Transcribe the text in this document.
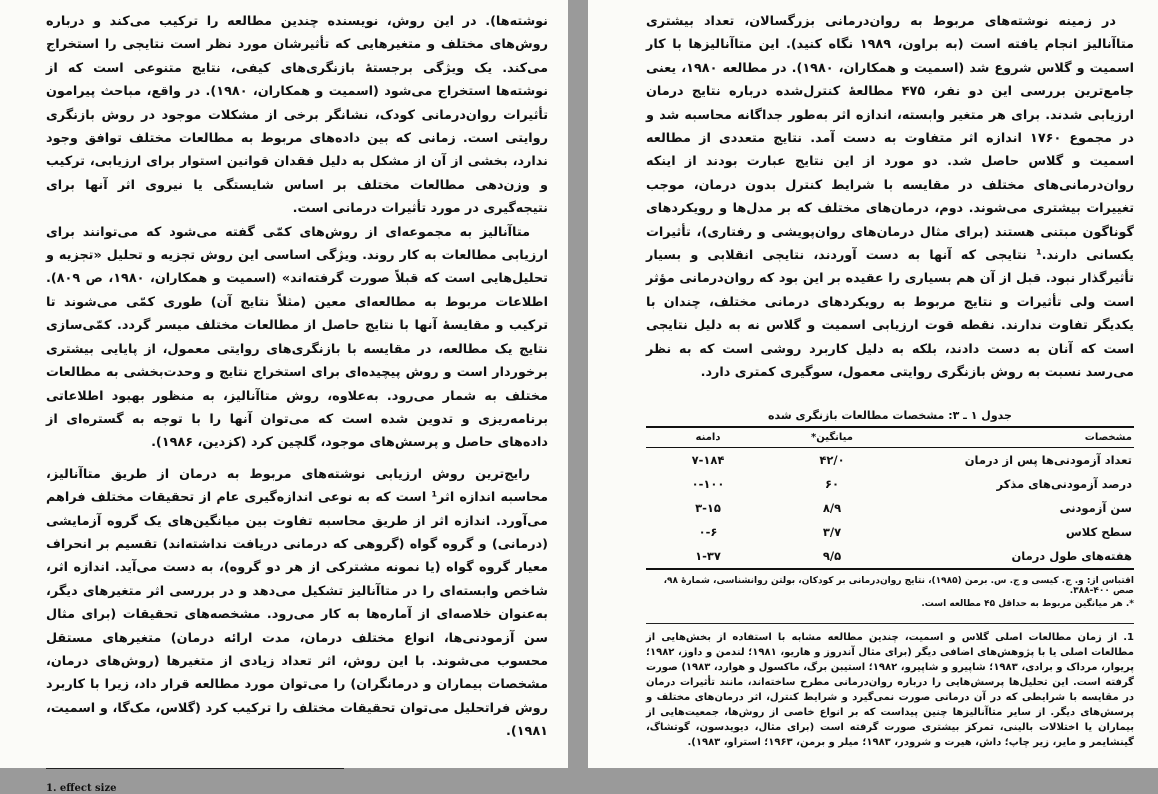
نوشته‌ها). در این روش، نویسنده چندین مطالعه را ترکیب می‌کند و درباره روش‌های مختلف و متغیرهایی که تأثیرشان مورد نظر است نتایجی را استخراج می‌کند. یک ویژگی برجستهٔ بازنگری‌های کیفی، نتایج متنوعی است که از نوشته‌ها استخراج می‌شود (اسمیت و همکاران، ۱۹۸۰). در واقع، مباحث پیرامون تأثیرات روان‌درمانی کودک، نشانگر برخی از مشکلات موجود در روش بازنگری روایتی است. زمانی که بین داده‌های مربوط به مطالعات مختلف توافق وجود ندارد، بخشی از آن از مشکل به دلیل فقدان قوانین استوار برای ارزیابی، ترکیب و وزن‌دهی مطالعات مختلف بر اساس شایستگی یا نیروی اثر آنها برای نتیجه‌گیری در مورد تأثیرات درمانی است.

متاآنالیز به مجموعه‌ای از روش‌های کمّی گفته می‌شود که می‌توانند برای ارزیابی مطالعات به کار روند. ویژگی اساسی این روش تجزیه و تحلیل «تجزیه و تحلیل‌هایی است که قبلاً صورت گرفته‌اند» (اسمیت و همکاران، ۱۹۸۰، ص ۸۰۹). اطلاعات مربوط به مطالعه‌ای معین (مثلاً نتایج آن) طوری کمّی می‌شوند تا ترکیب و مقایسهٔ آنها با نتایج حاصل از مطالعات مختلف میسر گردد. کمّی‌سازی نتایج یک مطالعه، در مقایسه با بازنگری‌های روایتی معمول، از پایایی بیشتری برخوردار است و روش پیچیده‌ای برای استخراج نتایج و وحدت‌بخشی به مطالعات مختلف به شمار می‌رود. به‌علاوه، روش متاآنالیز، به منظور بهبود اطلاعاتی برنامه‌ریزی و تدوین شده است که می‌توان آنها را با توجه به گستره‌ای از داده‌های حاصل و پرسش‌های موجود، گلچین کرد (کزدین، ۱۹۸۶).

رایج‌ترین روش ارزیابی نوشته‌های مربوط به درمان از طریق متاآنالیز، محاسبه اندازه اثر¹ است که به نوعی اندازه‌گیری عام از تحقیقات مختلف فراهم می‌آورد. اندازه اثر از طریق محاسبه تفاوت بین میانگین‌های یک گروه آزمایشی (درمانی) و گروه گواه (گروهی که درمانی دریافت نداشته‌اند) تقسیم بر انحراف معیار گروه گواه (یا نمونه مشترکی از هر دو گروه)، به دست می‌آید. اندازه اثر، شاخص وابسته‌ای را در متاآنالیز تشکیل می‌دهد و در بررسی اثر متغیرهای دیگر، به‌عنوان خلاصه‌ای از آماره‌ها به کار می‌رود. مشخصه‌های تحقیقات (برای مثال سن آزمودنی‌ها، انواع مختلف درمان، مدت ارائه درمان) متغیرهای مستقل محسوب می‌شوند. با این روش، اثر تعداد زیادی از متغیرها (روش‌های درمان، مشخصات بیماران و درمانگران) را می‌توان مورد مطالعه قرار داد، زیرا با کاربرد روش فراتحلیل می‌توان تحقیقات مختلف را ترکیب کرد (گلاس، مک‌گا، و اسمیت، ۱۹۸۱).

1. effect size

در زمینه نوشته‌های مربوط به روان‌درمانی بزرگسالان، تعداد بیشتری متاآنالیز انجام یافته است (به براون، ۱۹۸۹ نگاه کنید). این متاآنالیزها با کار اسمیت و گلاس شروع شد (اسمیت و همکاران، ۱۹۸۰). در مطالعه ۱۹۸۰، یعنی جامع‌ترین بررسی این دو نفر، ۴۷۵ مطالعهٔ کنترل‌شده درباره نتایج درمان ارزیابی شدند. برای هر متغیر وابسته، اندازه اثر به‌طور جداگانه محاسبه شد و در مجموع ۱۷۶۰ اندازه اثر متفاوت به دست آمد. نتایج متعددی از مطالعه اسمیت و گلاس حاصل شد. دو مورد از این نتایج عبارت بودند از اینکه روان‌درمانی‌های مختلف در مقایسه با شرایط کنترل بدون درمان، موجب تغییرات بیشتری می‌شوند. دوم، درمان‌های مختلف که بر مدل‌ها و رویکردهای گوناگون مبتنی هستند (برای مثال درمان‌های روان‌پویشی و رفتاری)، تأثیرات یکسانی دارند.¹ نتایجی که آنها به دست آوردند، نتایجی انقلابی و بسیار تأثیرگذار نبود. قبل از آن هم بسیاری را عقیده بر این بود که روان‌درمانی مؤثر است ولی تأثیرات و نتایج مربوط به رویکردهای درمانی مختلف، چندان با یکدیگر تفاوت ندارند. نقطه قوت ارزیابی اسمیت و گلاس نه به دلیل نتایجی است که آنان به دست دادند، بلکه به دلیل کاربرد روشی است که به نظر می‌رسد نسبت به روش بازنگری روایتی معمول، سوگیری کمتری دارد.

جدول ۱ ـ ۳: مشخصات مطالعات بازنگری شده
مشخصات	میانگین*	دامنه
تعداد آزمودنی‌ها پس از درمان	۴۲/۰	۷-۱۸۴
درصد آزمودنی‌های مذکر	۶۰	۰-۱۰۰
سن آزمودنی	۸/۹	۳-۱۵
سطح کلاس	۳/۷	۰-۶
هفته‌های طول درمان	۹/۵	۱-۳۷
اقتباس از: و. ج. کیسی و ج. س. برمن (۱۹۸۵)، نتایج روان‌درمانی بر کودکان، بولتن روانشناسی، شمارهٔ ۹۸، صص ۴۰۰-۳۸۸.
*. هر میانگین مربوط به حداقل ۴۵ مطالعه است.
1. از زمان مطالعات اصلی گلاس و اسمیت، چندین مطالعه مشابه با استفاده از بخش‌هایی از مطالعات اصلی یا با پژوهش‌های اضافی دیگر (برای مثال آندروز و هاریو، ۱۹۸۱؛ لندمن و داوز، ۱۹۸۲؛ پریوار، مرداک و برادی، ۱۹۸۳؛ شاپیرو و شاپیرو، ۱۹۸۲؛ استیبن برگ، ماکسول و هوارد، ۱۹۸۳) صورت گرفته است. این تحلیل‌ها پرسش‌هایی را درباره روان‌درمانی مطرح ساخته‌اند، مانند تأثیرات درمان در مقایسه با شرایطی که در آن درمانی صورت نمی‌گیرد و شرایط کنترل، اثر درمان‌های مختلف و پرسش‌های دیگر. از سایر متاآنالیزها چنین پیداست که بر انواع خاصی از روش‌ها، جمعیت‌هایی از بیماران یا اختلالات بالینی، تمرکز بیشتری صورت گرفته است (برای مثال، دیویدسون، گوتشاگ، گینشایمر و مایر، زیر چاپ؛ داش، هیرت و شرودر، ۱۹۸۳؛ میلر و برمن، ۱۹۶۳؛ استراو، ۱۹۸۳).
